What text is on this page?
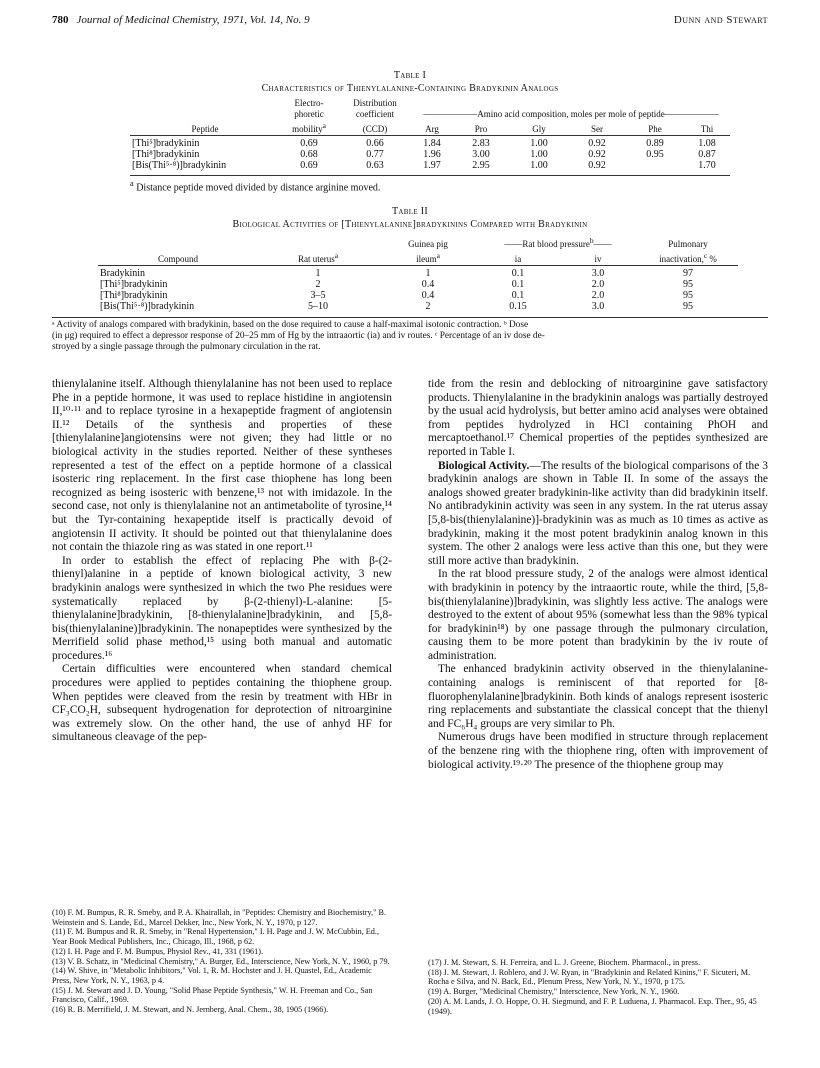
780 Journal of Medicinal Chemistry, 1971, Vol. 14, No. 9	Dunn and Stewart
Table I
Characteristics of Thienylalanine-Containing Bradykinin Analogs
	Electro-	Distribution						
	phoretic	coefficient	——————Amino acid composition, moles per mole of peptide——————					
Peptide	mobility$^a$	(CCD)	Arg	Pro	Gly	Ser	Phe	Thi

[Thi⁵]bradykinin	0.69	0.66	1.84	2.83	1.00	0.92	0.89	1.08
[Thi⁸]bradykinin	0.68	0.77	1.96	3.00	1.00	0.92	0.95	0.87
[Bis(Thi⁵·⁸)]bradykinin	0.69	0.63	1.97	2.95	1.00	0.92		1.70
$^a$ Distance peptide moved divided by distance arginine moved.
Table II
Biological Activities of [Thienylalanine]bradykinins Compared with Bradykinin
		Guinea pig	——Rat blood pressure$^b$——		Pulmonary
Compound	Rat uterus$^a$	ileum$^a$	ia	iv	inactivation,$^c$ %

Bradykinin	1	1	0.1	3.0	97
[Thi⁵]bradykinin	2	0.4	0.1	2.0	95
[Thi⁸]bradykinin	3–5	0.4	0.1	2.0	95
[Bis(Thi⁵·⁸)]bradykinin	5–10	2	0.15	3.0	95
ᵃ Activity of analogs compared with bradykinin, based on the dose required to cause a half-maximal isotonic contraction. ᵇ Dose
(in μg) required to effect a depressor response of 20–25 mm of Hg by the intraaortic (ia) and iv routes. ᶜ Percentage of an iv dose de-
stroyed by a single passage through the pulmonary circulation in the rat.

thienylalanine itself. Although thienylalanine has not been used to replace Phe in a peptide hormone, it was used to replace histidine in angiotensin II,¹⁰·¹¹ and to replace tyrosine in a hexapeptide fragment of angiotensin II.¹² Details of the synthesis and properties of these [thienylalanine]angiotensins were not given; they had little or no biological activity in the studies reported. Neither of these syntheses represented a test of the effect on a peptide hormone of a classical isosteric ring replacement. In the first case thiophene has long been recognized as being isosteric with benzene,¹³ not with imidazole. In the second case, not only is thienylalanine not an antimetabolite of tyrosine,¹⁴ but the Tyr-containing hexapeptide itself is practically devoid of angiotensin II activity. It should be pointed out that thienylalanine does not contain the thiazole ring as was stated in one report.¹¹

In order to establish the effect of replacing Phe with β-(2-thienyl)alanine in a peptide of known biological activity, 3 new bradykinin analogs were synthesized in which the two Phe residues were systematically replaced by β-(2-thienyl)-L-alanine: [5-thienylalanine]bradykinin, [8-thienylalanine]bradykinin, and [5,8-bis(thienylalanine)]bradykinin. The nonapeptides were synthesized by the Merrifield solid phase method,¹⁵ using both manual and automatic procedures.¹⁶

Certain difficulties were encountered when standard chemical procedures were applied to peptides containing the thiophene group. When peptides were cleaved from the resin by treatment with HBr in CF₃CO₂H, subsequent hydrogenation for deprotection of nitroarginine was extremely slow. On the other hand, the use of anhyd HF for simultaneous cleavage of the pep-

tide from the resin and deblocking of nitroarginine gave satisfactory products. Thienylalanine in the bradykinin analogs was partially destroyed by the usual acid hydrolysis, but better amino acid analyses were obtained from peptides hydrolyzed in HCl containing PhOH and mercaptoethanol.¹⁷ Chemical properties of the peptides synthesized are reported in Table I.

Biological Activity.—The results of the biological comparisons of the 3 bradykinin analogs are shown in Table II. In some of the assays the analogs showed greater bradykinin-like activity than did bradykinin itself. No antibradykinin activity was seen in any system. In the rat uterus assay [5,8-bis(thienylalanine)]-bradykinin was as much as 10 times as active as bradykinin, making it the most potent bradykinin analog known in this system. The other 2 analogs were less active than this one, but they were still more active than bradykinin.

In the rat blood pressure study, 2 of the analogs were almost identical with bradykinin in potency by the intraaortic route, while the third, [5,8-bis(thienylalanine)]bradykinin, was slightly less active. The analogs were destroyed to the extent of about 95% (somewhat less than the 98% typical for bradykinin¹⁸) by one passage through the pulmonary circulation, causing them to be more potent than bradykinin by the iv route of administration.

The enhanced bradykinin activity observed in the thienylalanine-containing analogs is reminiscent of that reported for [8-fluorophenylalanine]bradykinin. Both kinds of analogs represent isosteric ring replacements and substantiate the classical concept that the thienyl and FC₆H₄ groups are very similar to Ph.

Numerous drugs have been modified in structure through replacement of the benzene ring with the thiophene ring, often with improvement of biological activity.¹⁹·²⁰ The presence of the thiophene group may

(10) F. M. Bumpus, R. R. Smeby, and P. A. Khairallah, in "Peptides: Chemistry and Biochemistry," B. Weinstein and S. Lande, Ed., Marcel Dekker, Inc., New York, N. Y., 1970, p 127.
(11) F. M. Bumpus and R. R. Smeby, in "Renal Hypertension," I. H. Page and J. W. McCubbin, Ed., Year Book Medical Publishers, Inc., Chicago, Ill., 1968, p 62.
(12) I. H. Page and F. M. Bumpus, Physiol Rev., 41, 331 (1961).
(13) V. B. Schatz, in "Medicinal Chemistry," A. Burger, Ed., Interscience, New York, N. Y., 1960, p 79.
(14) W. Shive, in "Metabolic Inhibitors," Vol. 1, R. M. Hochster and J. H. Quastel, Ed., Academic Press, New York, N. Y., 1963, p 4.
(15) J. M. Stewart and J. D. Young, "Solid Phase Peptide Synthesis," W. H. Freeman and Co., San Francisco, Calif., 1969.
(16) R. B. Merrifield, J. M. Stewart, and N. Jernberg, Anal. Chem., 38, 1905 (1966).
(17) J. M. Stewart, S. H. Ferreira, and L. J. Greene, Biochem. Pharmacol., in press.
(18) J. M. Stewart, J. Roblero, and J. W. Ryan, in "Bradykinin and Related Kinins," F. Sicuteri, M. Rocha e Silva, and N. Back, Ed., Plenum Press, New York, N. Y., 1970, p 175.
(19) A. Burger, "Medicinal Chemistry," Interscience, New York, N. Y., 1960.
(20) A. M. Lands, J. O. Hoppe, O. H. Siegmund, and F. P. Luduena, J. Pharmacol. Exp. Ther., 95, 45 (1949).
